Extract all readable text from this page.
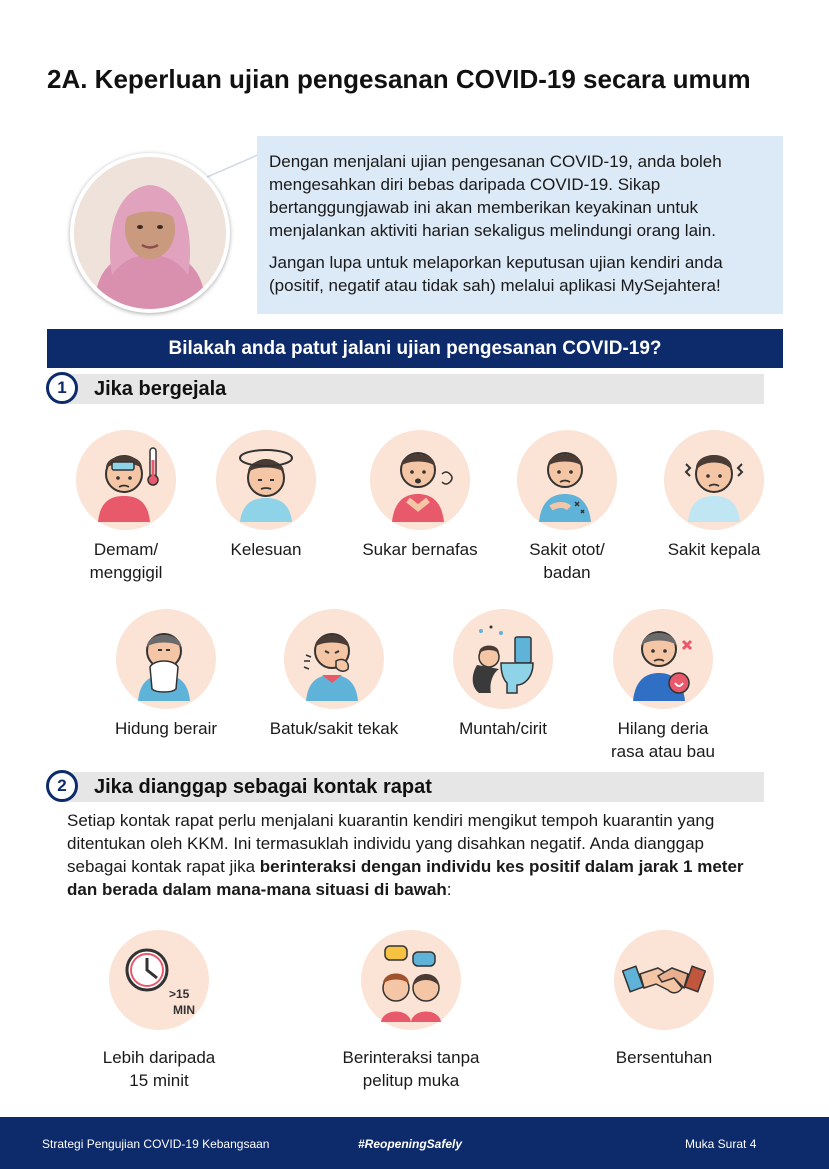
2A. Keperluan ujian pengesanan COVID-19 secara umum

Dengan menjalani ujian pengesanan COVID-19, anda boleh mengesahkan diri bebas daripada COVID-19. Sikap bertanggungjawab ini akan memberikan keyakinan untuk menjalankan aktiviti harian sekaligus melindungi orang lain.

Jangan lupa untuk melaporkan keputusan ujian kendiri anda (positif, negatif atau tidak sah) melalui aplikasi MySejahtera!

Bilakah anda patut jalani ujian pengesanan COVID-19?
1	Jika bergejala
Demam/
menggigil
Kelesuan	Sukar bernafas	Sakit otot/
badan
Sakit kepala
Hidung berair	Batuk/sakit tekak	Muntah/cirit	Hilang deria
rasa atau bau
2	Jika dianggap sebagai kontak rapat
Setiap kontak rapat perlu menjalani kuarantin kendiri mengikut tempoh kuarantin yang ditentukan oleh KKM. Ini termasuklah individu yang disahkan negatif. Anda dianggap sebagai kontak rapat jika berinteraksi dengan individu kes positif dalam jarak 1 meter dan berada dalam mana-mana situasi di bawah:
>15
MIN
Lebih daripada
15 minit
Berinteraksi tanpa
pelitup muka
Bersentuhan
Strategi Pengujian COVID-19 Kebangsaan	#ReopeningSafely	Muka Surat 4
